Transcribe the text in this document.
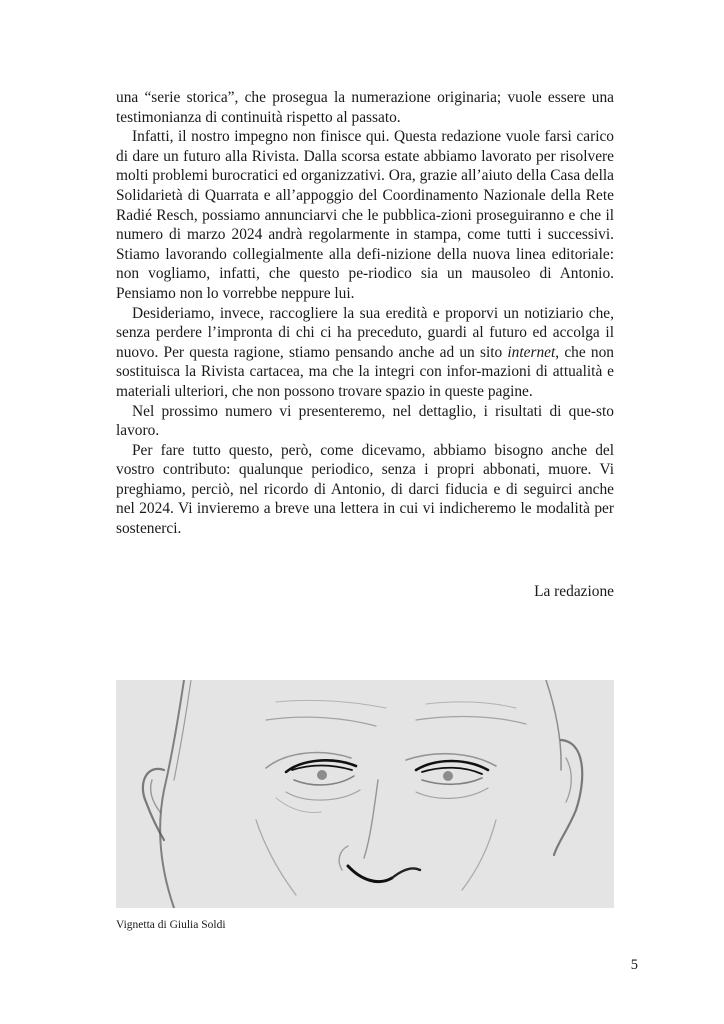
una “serie storica”, che prosegua la numerazione originaria; vuole essere una testimonianza di continuità rispetto al passato.

Infatti, il nostro impegno non finisce qui. Questa redazione vuole farsi carico di dare un futuro alla Rivista. Dalla scorsa estate abbiamo lavorato per risolvere molti problemi burocratici ed organizzativi. Ora, grazie all’aiuto della Casa della Solidarietà di Quarrata e all’appoggio del Coordinamento Nazionale della Rete Radié Resch, possiamo annunciarvi che le pubblica-zioni proseguiranno e che il numero di marzo 2024 andrà regolarmente in stampa, come tutti i successivi. Stiamo lavorando collegialmente alla defi-nizione della nuova linea editoriale: non vogliamo, infatti, che questo pe-riodico sia un mausoleo di Antonio. Pensiamo non lo vorrebbe neppure lui.

Desideriamo, invece, raccogliere la sua eredità e proporvi un notiziario che, senza perdere l’impronta di chi ci ha preceduto, guardi al futuro ed accolga il nuovo. Per questa ragione, stiamo pensando anche ad un sito internet, che non sostituisca la Rivista cartacea, ma che la integri con infor-mazioni di attualità e materiali ulteriori, che non possono trovare spazio in queste pagine.

Nel prossimo numero vi presenteremo, nel dettaglio, i risultati di que-sto lavoro.

Per fare tutto questo, però, come dicevamo, abbiamo bisogno anche del vostro contributo: qualunque periodico, senza i propri abbonati, muore. Vi preghiamo, perciò, nel ricordo di Antonio, di darci fiducia e di seguirci anche nel 2024. Vi invieremo a breve una lettera in cui vi indicheremo le modalità per sostenerci.

La redazione
Vignetta di Giulia Soldi
5
